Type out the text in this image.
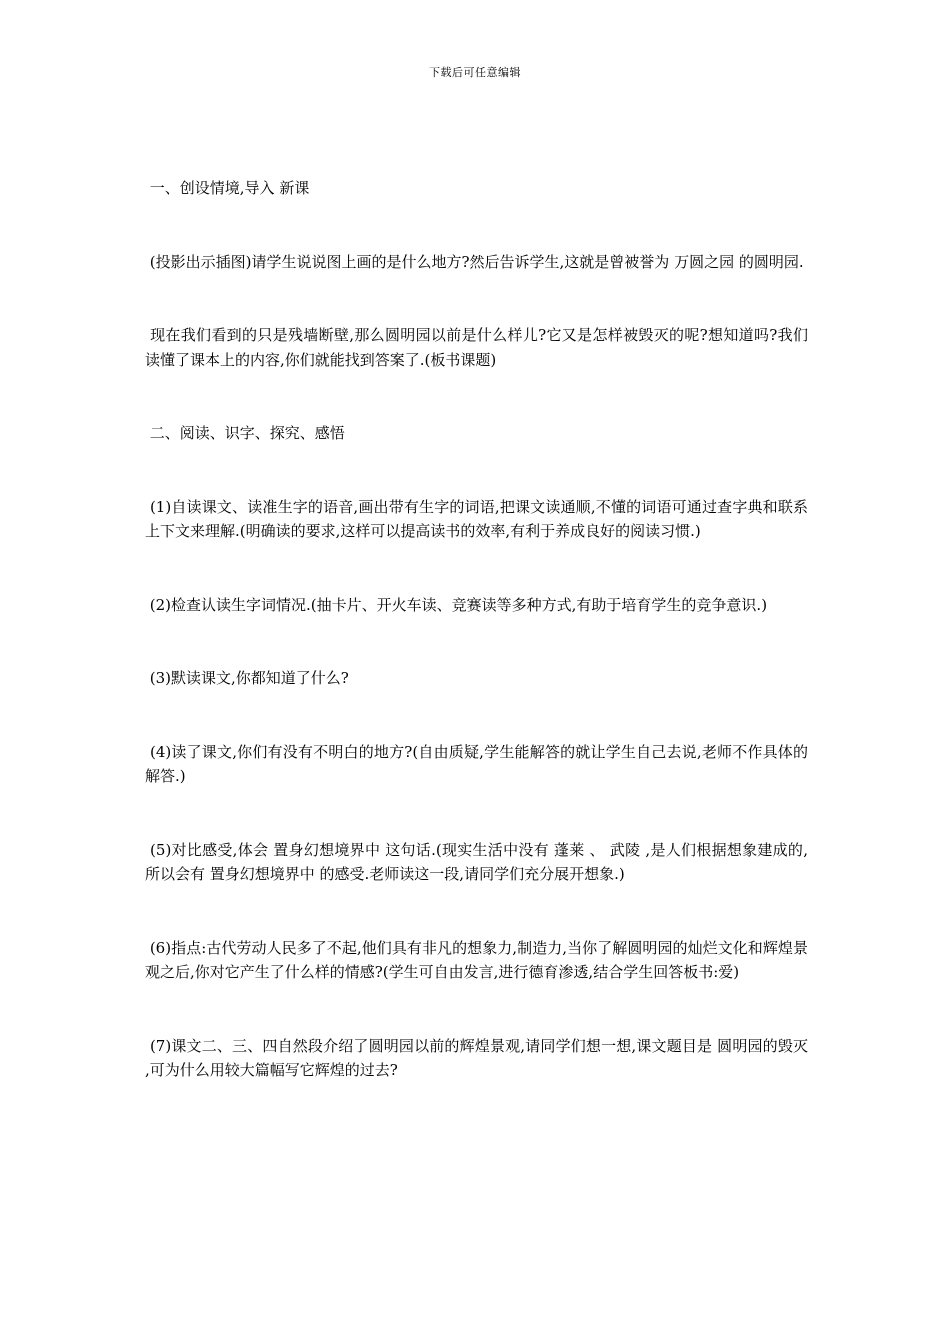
下载后可任意编辑

一、创设情境,导入 新课

(投影出示插图)请学生说说图上画的是什么地方?然后告诉学生,这就是曾被誉为 万圆之园 的圆明园.

现在我们看到的只是残墙断壁,那么圆明园以前是什么样儿?它又是怎样被毁灭的呢?想知道吗?我们读懂了课本上的内容,你们就能找到答案了.(板书课题)

二、阅读、识字、探究、感悟

(1)自读课文、读准生字的语音,画出带有生字的词语,把课文读通顺,不懂的词语可通过查字典和联系上下文来理解.(明确读的要求,这样可以提高读书的效率,有利于养成良好的阅读习惯.)

(2)检查认读生字词情况.(抽卡片、开火车读、竞赛读等多种方式,有助于培育学生的竞争意识.)

(3)默读课文,你都知道了什么?

(4)读了课文,你们有没有不明白的地方?(自由质疑,学生能解答的就让学生自己去说,老师不作具体的解答.)

(5)对比感受,体会 置身幻想境界中 这句话.(现实生活中没有 蓬莱 、 武陵 ,是人们根据想象建成的,所以会有 置身幻想境界中 的感受.老师读这一段,请同学们充分展开想象.)

(6)指点:古代劳动人民多了不起,他们具有非凡的想象力,制造力,当你了解圆明园的灿烂文化和辉煌景观之后,你对它产生了什么样的情感?(学生可自由发言,进行德育渗透,结合学生回答板书:爱)

(7)课文二、三、四自然段介绍了圆明园以前的辉煌景观,请同学们想一想,课文题目是 圆明园的毁灭 ,可为什么用较大篇幅写它辉煌的过去?
